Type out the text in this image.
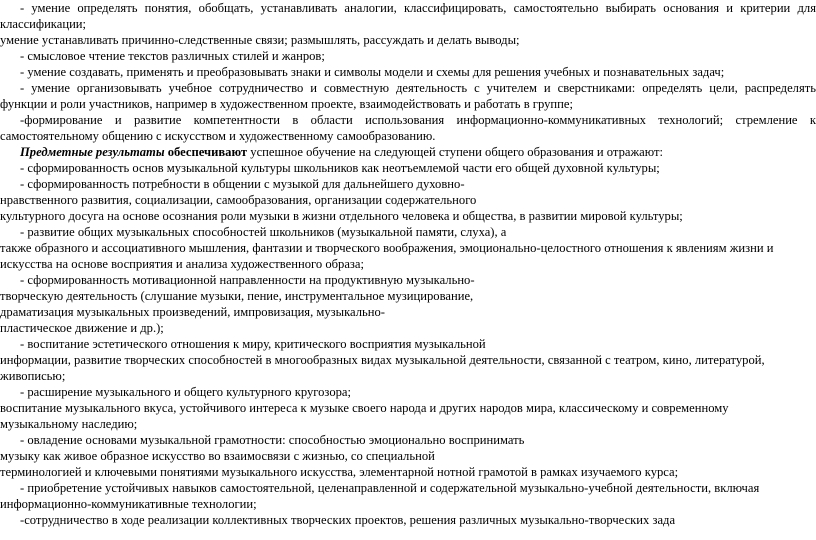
- умение определять понятия, обобщать, устанавливать аналогии, классифицировать, самостоятельно выбирать основания и критерии для
классификации;
умение устанавливать причинно-следственные связи; размышлять, рассуждать и делать выводы;
- смысловое чтение текстов различных стилей и жанров;
- умение создавать, применять и преобразовывать знаки и символы модели и схемы для решения учебных и познавательных задач;
- умение организовывать учебное сотрудничество и совместную деятельность с учителем и сверстниками: определять цели, распределять
функции и роли участников, например в художественном проекте, взаимодействовать и работать в группе;
-формирование и развитие компетентности в области использования информационно-коммуникативных технологий; стремление к
самостоятельному общению с искусством и художественному самообразованию.
Предметные результаты обеспечивают успешное обучение на следующей ступени общего образования и отражают:
- сформированность основ музыкальной культуры школьников как неотъемлемой части его общей духовной культуры;
- сформированность потребности в общении с музыкой для дальнейшего духовно-
нравственного развития, социализации, самообразования, организации содержательного
культурного досуга на основе осознания роли музыки в жизни отдельного человека и общества, в развитии мировой культуры;
- развитие общих музыкальных способностей школьников (музыкальной памяти, слуха), а
также образного и ассоциативного мышления, фантазии и творческого воображения, эмоционально-целостного отношения к явлениям жизни и
искусства на основе восприятия и анализа художественного образа;
- сформированность мотивационной направленности на продуктивную музыкально-
творческую деятельность (слушание музыки, пение, инструментальное музицирование,
драматизация музыкальных произведений, импровизация, музыкально-
пластическое движение и др.);
- воспитание эстетического отношения к миру, критического восприятия музыкальной
информации, развитие творческих способностей в многообразных видах музыкальной деятельности, связанной с театром, кино, литературой,
живописью;
- расширение музыкального и общего культурного кругозора;
воспитание музыкального вкуса, устойчивого интереса к музыке своего народа и других народов мира, классическому и современному
музыкальному наследию;
- овладение основами музыкальной грамотности: способностью эмоционально воспринимать
музыку как живое образное искусство во взаимосвязи с жизнью, со специальной
терминологией и ключевыми понятиями музыкального искусства, элементарной нотной грамотой в рамках изучаемого курса;
- приобретение устойчивых навыков самостоятельной, целенаправленной и содержательной музыкально-учебной деятельности, включая
информационно-коммуникативные технологии;
-сотрудничество в ходе реализации коллективных творческих проектов, решения различных музыкально-творческих зада
